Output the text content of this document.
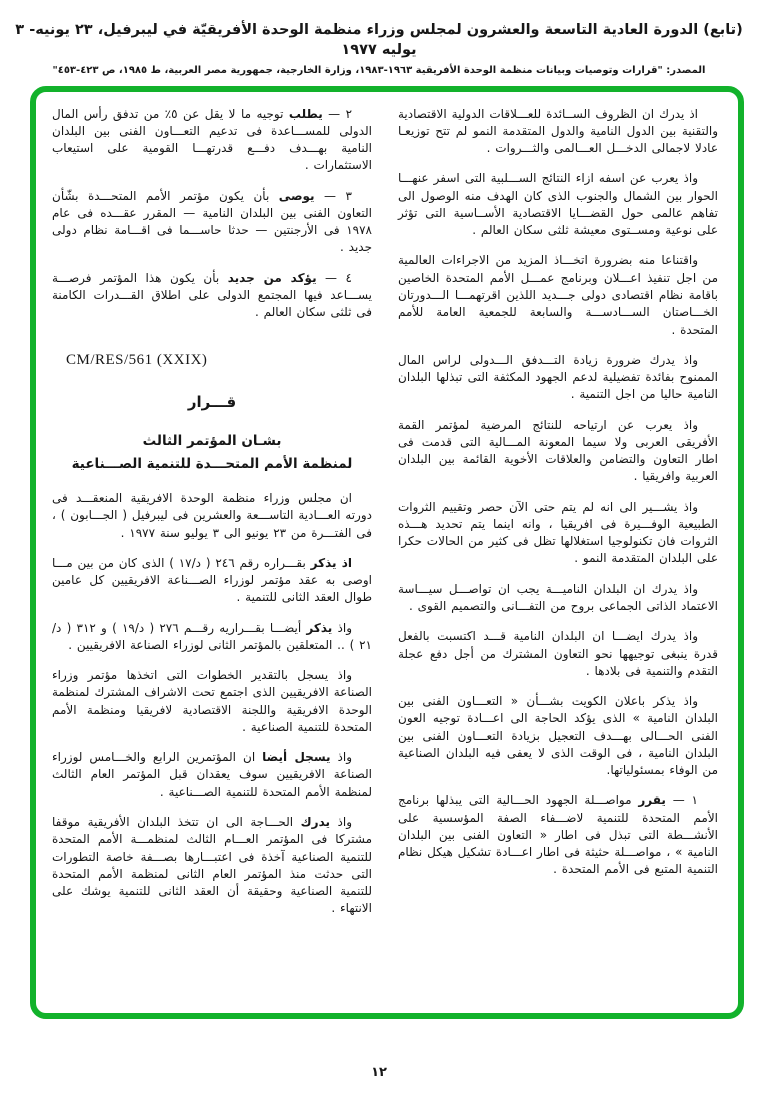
(تابع) الدورة العادية التاسعة والعشرون لمجلس وزراء منظمة الوحدة الأفريقيّة في ليبرفيل، ٢٣ يونيه- ٣ يوليه ١٩٧٧
المصدر: "قرارات وتوصيات وبيانات منظمة الوحدة الأفريقية ١٩٦٣-١٩٨٣، وزارة الخارجية، جمهورية مصر العربية، ط ١٩٨٥، ص ٤٢٣-٤٥٣"

اذ يدرك ان الظروف الســائدة للعـــلاقات الدولية الاقتصادية والتقنية بين الدول النامية والدول المتقدمة النمو لم تتح توزيعـا عادلا لاجمالى الدخـــل العـــالمى والثـــروات .

واذ يعرب عن اسفه ازاء النتائج الســـلبية التى اسفر عنهـــا الحوار بين الشمال والجنوب الذى كان الهدف منه الوصول الى تفاهم عالمى حول القضـــايا الاقتصادية الأســاسية التى تؤثر على نوعية ومســتوى معيشة ثلثى سكان العالم .

واقتناعا منه بضرورة اتخـــاذ المزيد من الاجراءات العالمية من اجل تنفيذ اعـــلان وبرنامج عمـــل الأمم المتحدة الخاصين باقامة نظام اقتصادى دولى جـــديد اللذين اقرتهمـــا الـــدورتان الخـــاصتان الســـادســـة والسابعة للجمعية العامة للأمم المتحدة .

واذ يدرك ضرورة زيادة التـــدفق الـــدولى لراس المال الممنوح بفائدة تفضيلية لدعم الجهود المكثفة التى تبذلها البلدان النامية حاليا من اجل التنمية .

واذ يعرب عن ارتياحه للنتائج المرضية لمؤتمر القمة الأفريقى العربى ولا سيما المعونة المـــالية التى قدمت فى اطار التعاون والتضامن والعلاقات الأخوية القائمة بين البلدان العربية وافريقيا .

واذ يشـــير الى انه لم يتم حتى الآن حصر وتقييم الثروات الطبيعية الوفـــيرة فى افريقيا ، وانه اينما يتم تحديد هـــذه الثروات فان تكنولوجيا استغلالها تظل فى كثير من الحالات حكرا على البلدان المتقدمة النمو .

واذ يدرك ان البلدان الناميـــة يجب ان تواصـــل سيـــاسة الاعتماد الذاتى الجماعى بروح من التفـــانى والتصميم القوى .

واذ يدرك ايضـــا ان البلدان النامية قـــد اكتسبت بالفعل قدرة ينبغى توجيهها نحو التعاون المشترك من أجل دفع عجلة التقدم والتنمية فى بلادها .

واذ يذكر باعلان الكويت بشـــأن « التعـــاون الفنى بين البلدان النامية » الذى يؤكد الحاجة الى اعـــادة توجيه العون الفنى الحـــالى بهـــدف التعجيل بزيادة التعـــاون الفنى بين البلدان النامية ، فى الوقت الذى لا يعفى فيه البلدان الصناعية من الوفاء بمسئولياتها.

١ — يقرر مواصـــلة الجهود الحـــالية التى يبذلها برنامج الأمم المتحدة للتنمية لاضـــفاء الصفة المؤسسية على الأنشـــطة التى تبذل فى اطار « التعاون الفنى بين البلدان النامية » ، مواصـــلة حثيثة فى اطار اعـــادة تشكيل هيكل نظام التنمية المتبع فى الأمم المتحدة .

٢ — يطلب توجيه ما لا يقل عن ٥٪ من تدفق رأس المال الدولى للمســـاعدة فى تدعيم التعـــاون الفنى بين البلدان النامية بهـــدف دفـــع قدرتهـــا القومية على استيعاب الاستثمارات .

٣ — يوصى بأن يكون مؤتمر الأمم المتحـــدة بشّأن التعاون الفنى بين البلدان النامية — المقرر عقـــده فى عام ١٩٧٨ فى الأرجنتين — حدثا حاســـما فى اقـــامة نظام دولى جديد .

٤ — يؤكد من جديد بأن يكون هذا المؤتمر فرصـــة يســـاعد فيها المجتمع الدولى على اطلاق القـــدرات الكامنة فى ثلثى سكان العالم .

CM/RES/561 (XXIX)

قـــرار

بشـان المؤتمر الثالث

لمنظمة الأمم المتحـــدة للتنمية الصـــناعية

ان مجلس وزراء منظمة الوحدة الافريقية المنعقـــد فى دورته العـــادية التاســـعة والعشرين فى ليبرفيل ( الجـــابون ) ، فى الفتـــرة من ٢٣ يونيو الى ٣ يوليو سنة ١٩٧٧ .

اذ يذكر بقـــراره رقم ٢٤٦ ( د/١٧ ) الذى كان من بين مـــا اوصى به عقد مؤتمر لوزراء الصـــناعة الافريقيين كل عامين طوال العقد الثانى للتنمية .

واذ يذكر أيضـــا بقـــراريه رقـــم ٢٧٦ ( د/١٩ ) و ٣١٢ ( د/٢١ ) .. المتعلقين بالمؤتمر الثانى لوزراء الصناعة الافريقيين .

واذ يسجل بالتقدير الخطوات التى اتخذها مؤتمر وزراء الصناعة الافريقيين الذى اجتمع تحت الاشراف المشترك لمنظمة الوحدة الافريقية واللجنة الاقتصادية لافريقيا ومنظمة الأمم المتحدة للتنمية الصناعية .

واذ يسجل أيضا ان المؤتمرين الرابع والخـــامس لوزراء الصناعة الافريقيين سوف يعقدان قبل المؤتمر العام الثالث لمنظمة الأمم المتحدة للتنمية الصـــناعية .

واذ يدرك الحـــاجة الى ان تتخذ البلدان الأفريقية موقفا مشتركا فى المؤتمر العـــام الثالث لمنظمـــة الأمم المتحدة للتنمية الصناعية آخذة فى اعتبـــارها بصـــفة خاصة التطورات التى حدثت منذ المؤتمر العام الثانى لمنظمة الأمم المتحدة للتنمية الصناعية وحقيقة أن العقد الثانى للتنمية يوشك على الانتهاء .

١٢
